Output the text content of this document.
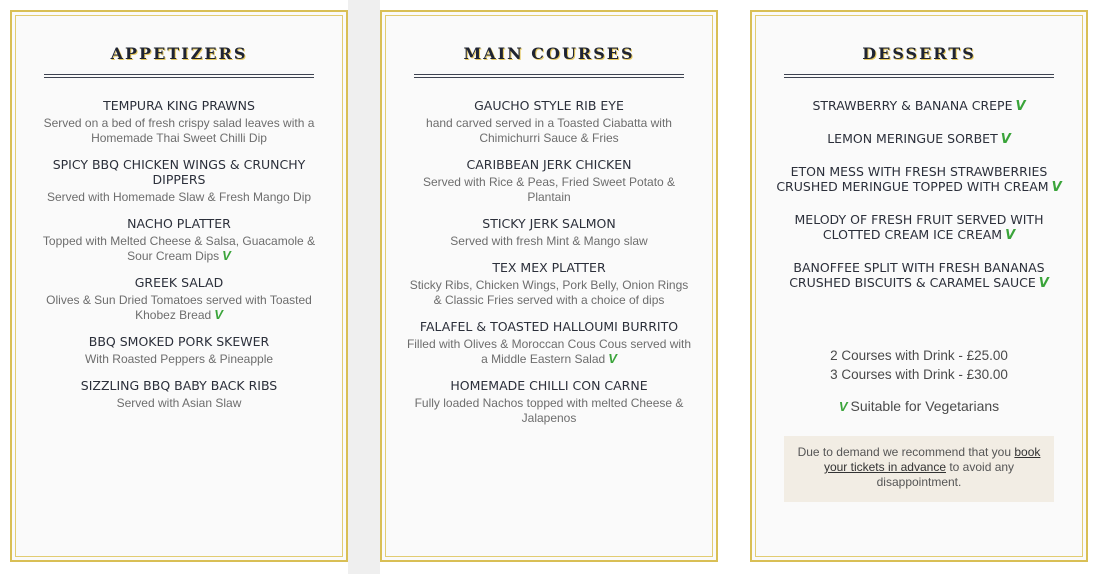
APPETIZERS
TEMPURA KING PRAWNS
Served on a bed of fresh crispy salad leaves with a Homemade Thai Sweet Chilli Dip
SPICY BBQ CHICKEN WINGS & CRUNCHY DIPPERS
Served with Homemade Slaw & Fresh Mango Dip
NACHO PLATTER
Topped with Melted Cheese & Salsa, Guacamole & Sour Cream Dips V
GREEK SALAD
Olives & Sun Dried Tomatoes served with Toasted Khobez Bread V
BBQ SMOKED PORK SKEWER
With Roasted Peppers & Pineapple
SIZZLING BBQ BABY BACK RIBS
Served with Asian Slaw
MAIN COURSES
GAUCHO STYLE RIB EYE
hand carved served in a Toasted Ciabatta with Chimichurri Sauce & Fries
CARIBBEAN JERK CHICKEN
Served with Rice & Peas, Fried Sweet Potato & Plantain
STICKY JERK SALMON
Served with fresh Mint & Mango slaw
TEX MEX PLATTER
Sticky Ribs, Chicken Wings, Pork Belly, Onion Rings & Classic Fries served with a choice of dips
FALAFEL & TOASTED HALLOUMI BURRITO
Filled with Olives & Moroccan Cous Cous served with a Middle Eastern Salad V
HOMEMADE CHILLI CON CARNE
Fully loaded Nachos topped with melted Cheese & Jalapenos
DESSERTS
STRAWBERRY & BANANA CREPE V
LEMON MERINGUE SORBET V
ETON MESS WITH FRESH STRAWBERRIES CRUSHED MERINGUE TOPPED WITH CREAM V
MELODY OF FRESH FRUIT SERVED WITH CLOTTED CREAM ICE CREAM V
BANOFFEE SPLIT WITH FRESH BANANAS CRUSHED BISCUITS & CARAMEL SAUCE V
2 Courses with Drink - £25.00
3 Courses with Drink - £30.00
V Suitable for Vegetarians
Due to demand we recommend that you book your tickets in advance to avoid any disappointment.
